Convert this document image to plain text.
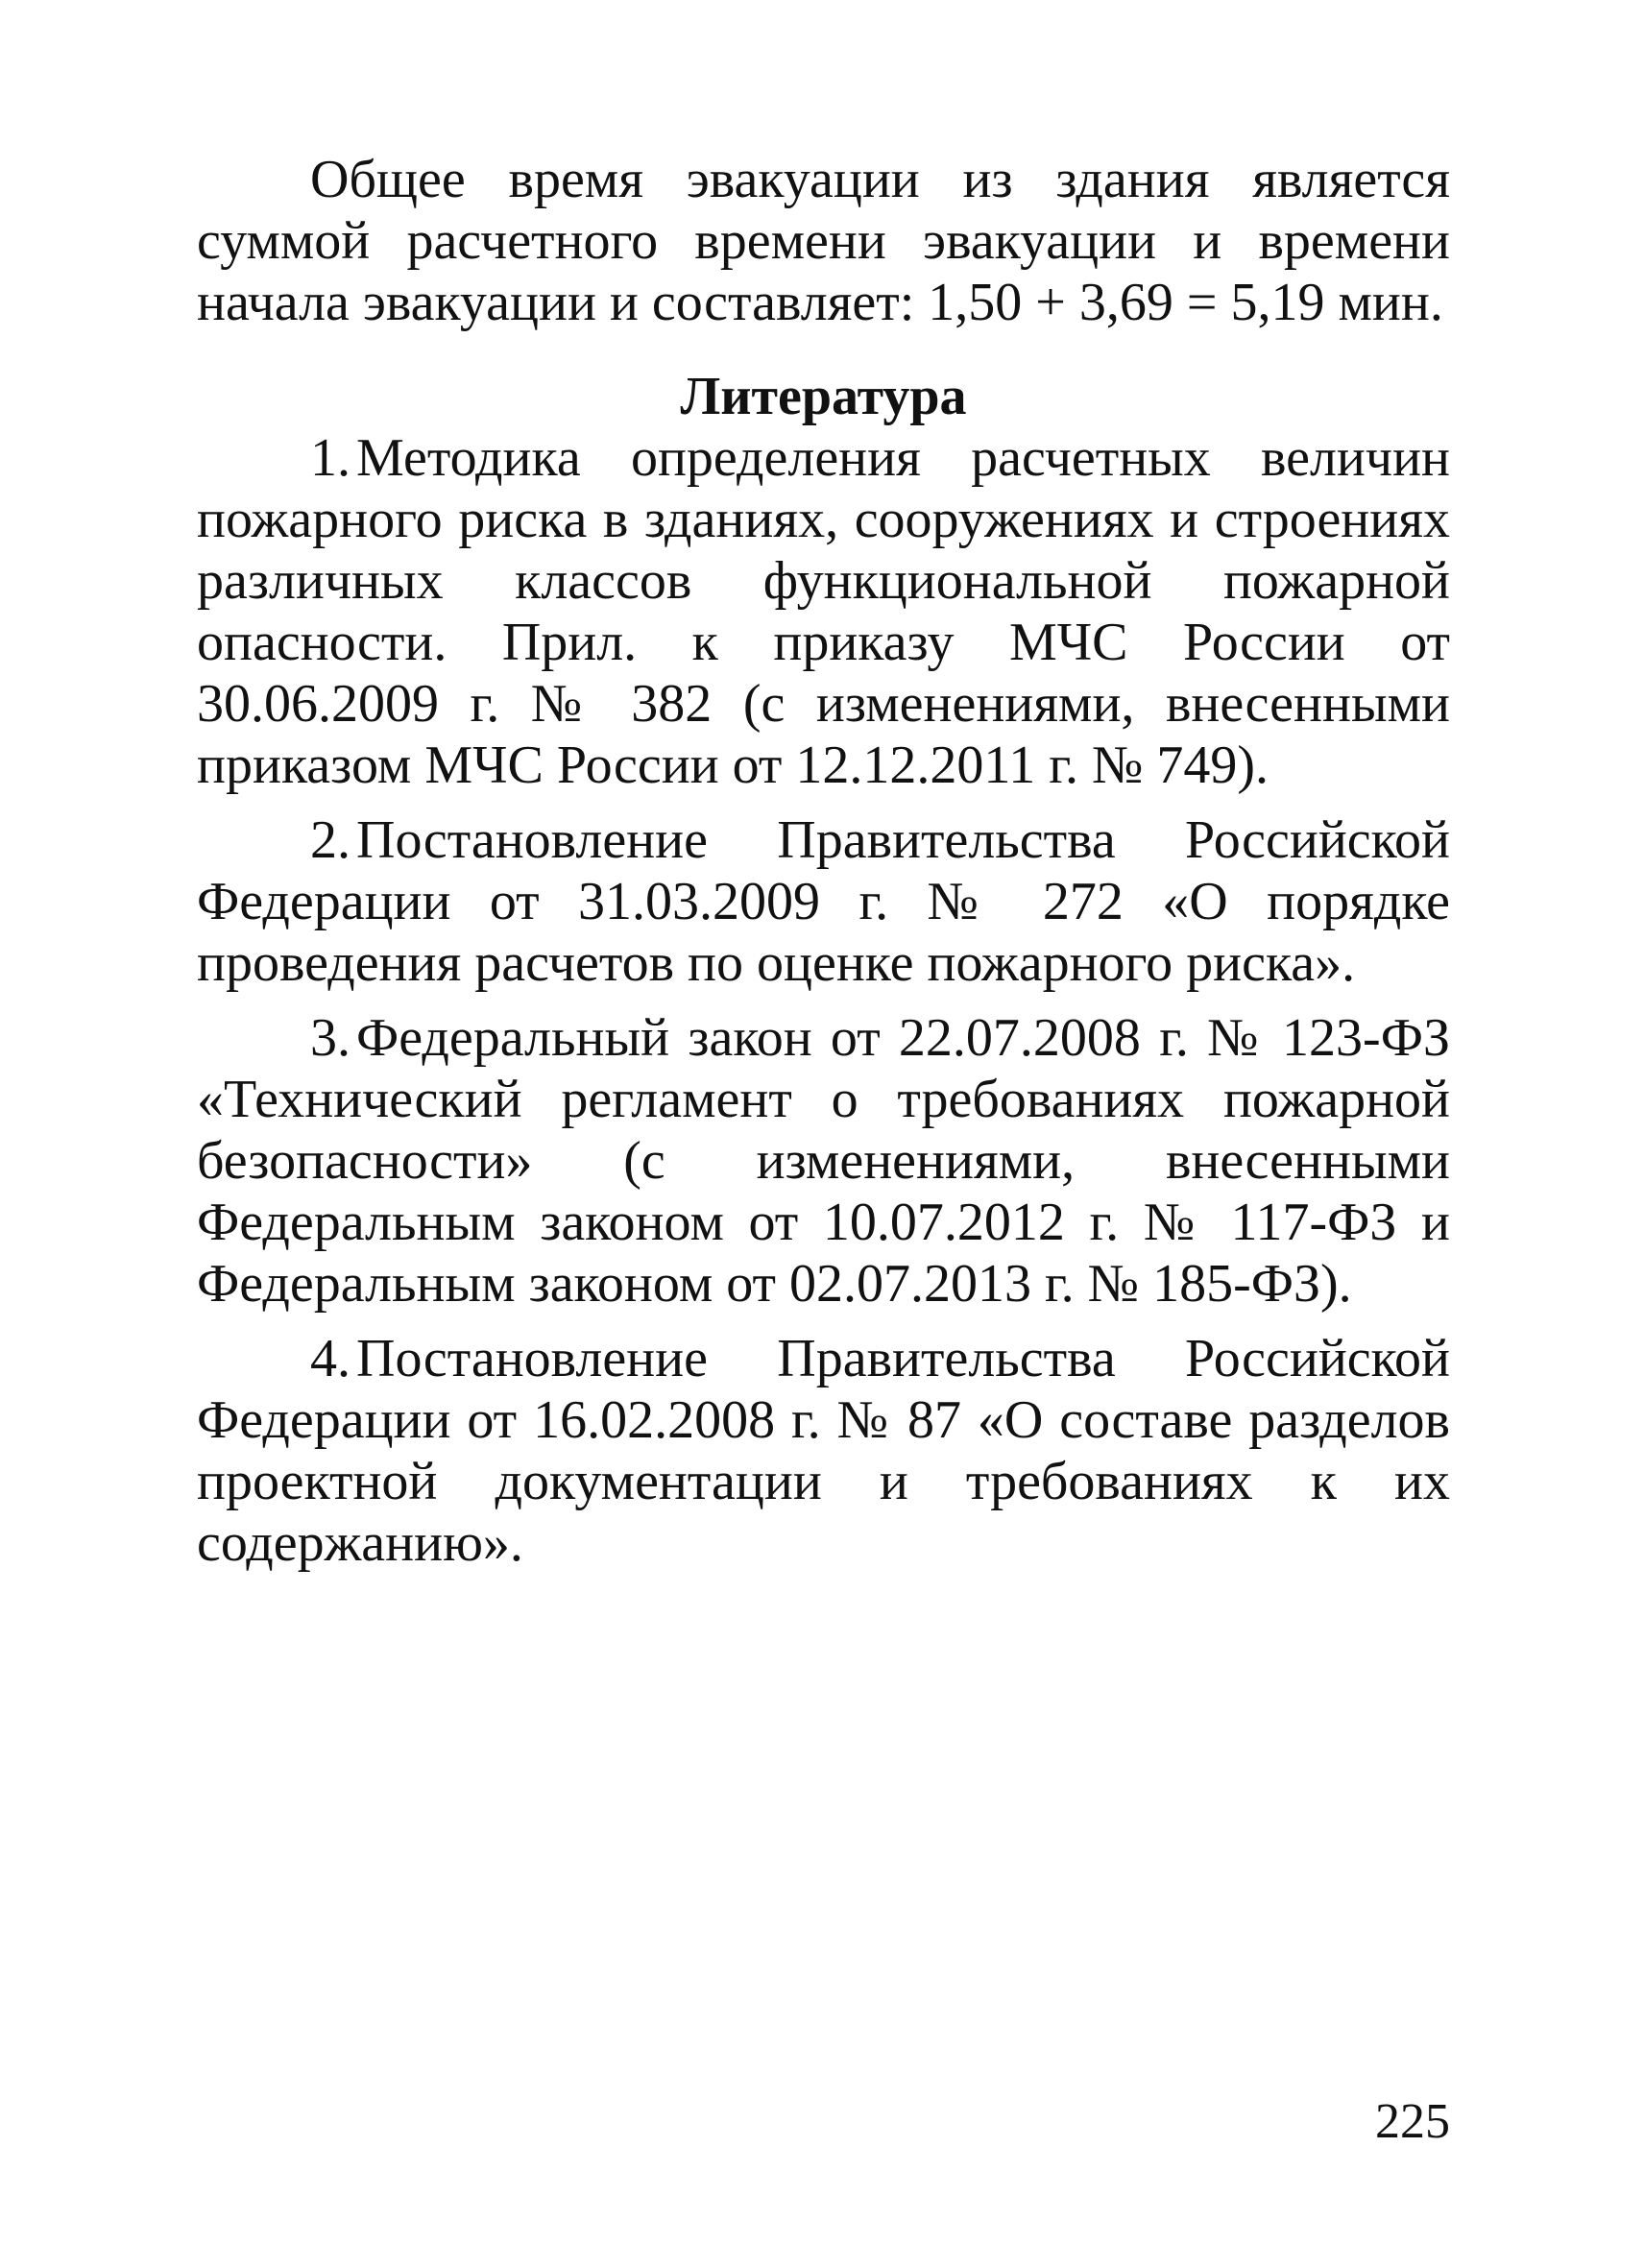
Общее время эвакуации из здания является суммой расчетного времени эвакуации и времени начала эвакуации и составляет: 1,50 + 3,69 = 5,19 мин.

Литература
1. Методика определения расчетных величин пожарного риска в зданиях, сооружениях и строениях различных классов функциональной пожарной опасности. Прил. к приказу МЧС России от 30.06.2009 г. № 382 (с изменениями, внесенными приказом МЧС России от 12.12.2011 г. № 749).
2. Постановление Правительства Российской Федерации от 31.03.2009 г. № 272 «О порядке проведения расчетов по оценке пожарного риска».
3. Федеральный закон от 22.07.2008 г. № 123-ФЗ «Технический регламент о требованиях пожарной безопасности» (с изменениями, внесенными Федеральным законом от 10.07.2012 г. № 117-ФЗ и Федеральным законом от 02.07.2013 г. № 185-ФЗ).
4. Постановление Правительства Российской Федерации от 16.02.2008 г. № 87 «О составе разделов проектной документации и требованиях к их содержанию».
225
